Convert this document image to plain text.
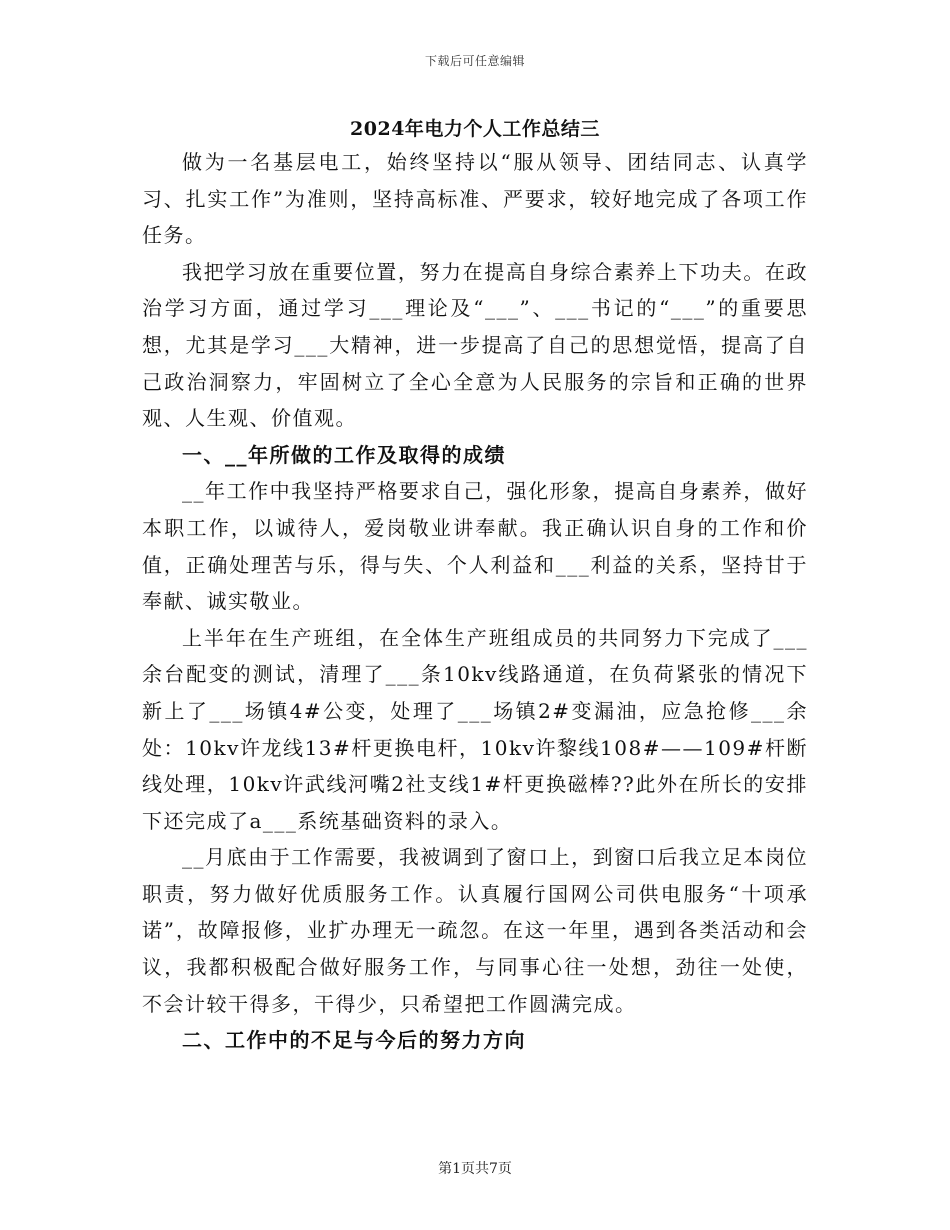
下载后可任意编辑
2024年电力个人工作总结三

做为一名基层电工，始终坚持以“服从领导、团结同志、认真学习、扎实工作”为准则，坚持高标准、严要求，较好地完成了各项工作任务。

我把学习放在重要位置，努力在提高自身综合素养上下功夫。在政治学习方面，通过学习___理论及“___”、___书记的“___”的重要思想，尤其是学习___大精神，进一步提高了自己的思想觉悟，提高了自己政治洞察力，牢固树立了全心全意为人民服务的宗旨和正确的世界观、人生观、价值观。

一、__年所做的工作及取得的成绩

__年工作中我坚持严格要求自己，强化形象，提高自身素养，做好本职工作，以诚待人，爱岗敬业讲奉献。我正确认识自身的工作和价值，正确处理苦与乐，得与失、个人利益和___利益的关系，坚持甘于奉献、诚实敬业。

上半年在生产班组，在全体生产班组成员的共同努力下完成了___余台配变的测试，清理了___条10kv线路通道，在负荷紧张的情况下新上了___场镇4#公变，处理了___场镇2#变漏油，应急抢修___余处：10kv许龙线13#杆更换电杆，10kv许黎线108#——109#杆断线处理，10kv许武线河嘴2社支线1#杆更换磁棒??此外在所长的安排下还完成了a___系统基础资料的录入。

__月底由于工作需要，我被调到了窗口上，到窗口后我立足本岗位职责，努力做好优质服务工作。认真履行国网公司供电服务“十项承诺”，故障报修，业扩办理无一疏忽。在这一年里，遇到各类活动和会议，我都积极配合做好服务工作，与同事心往一处想，劲往一处使，不会计较干得多，干得少，只希望把工作圆满完成。

二、工作中的不足与今后的努力方向
第1页共7页
